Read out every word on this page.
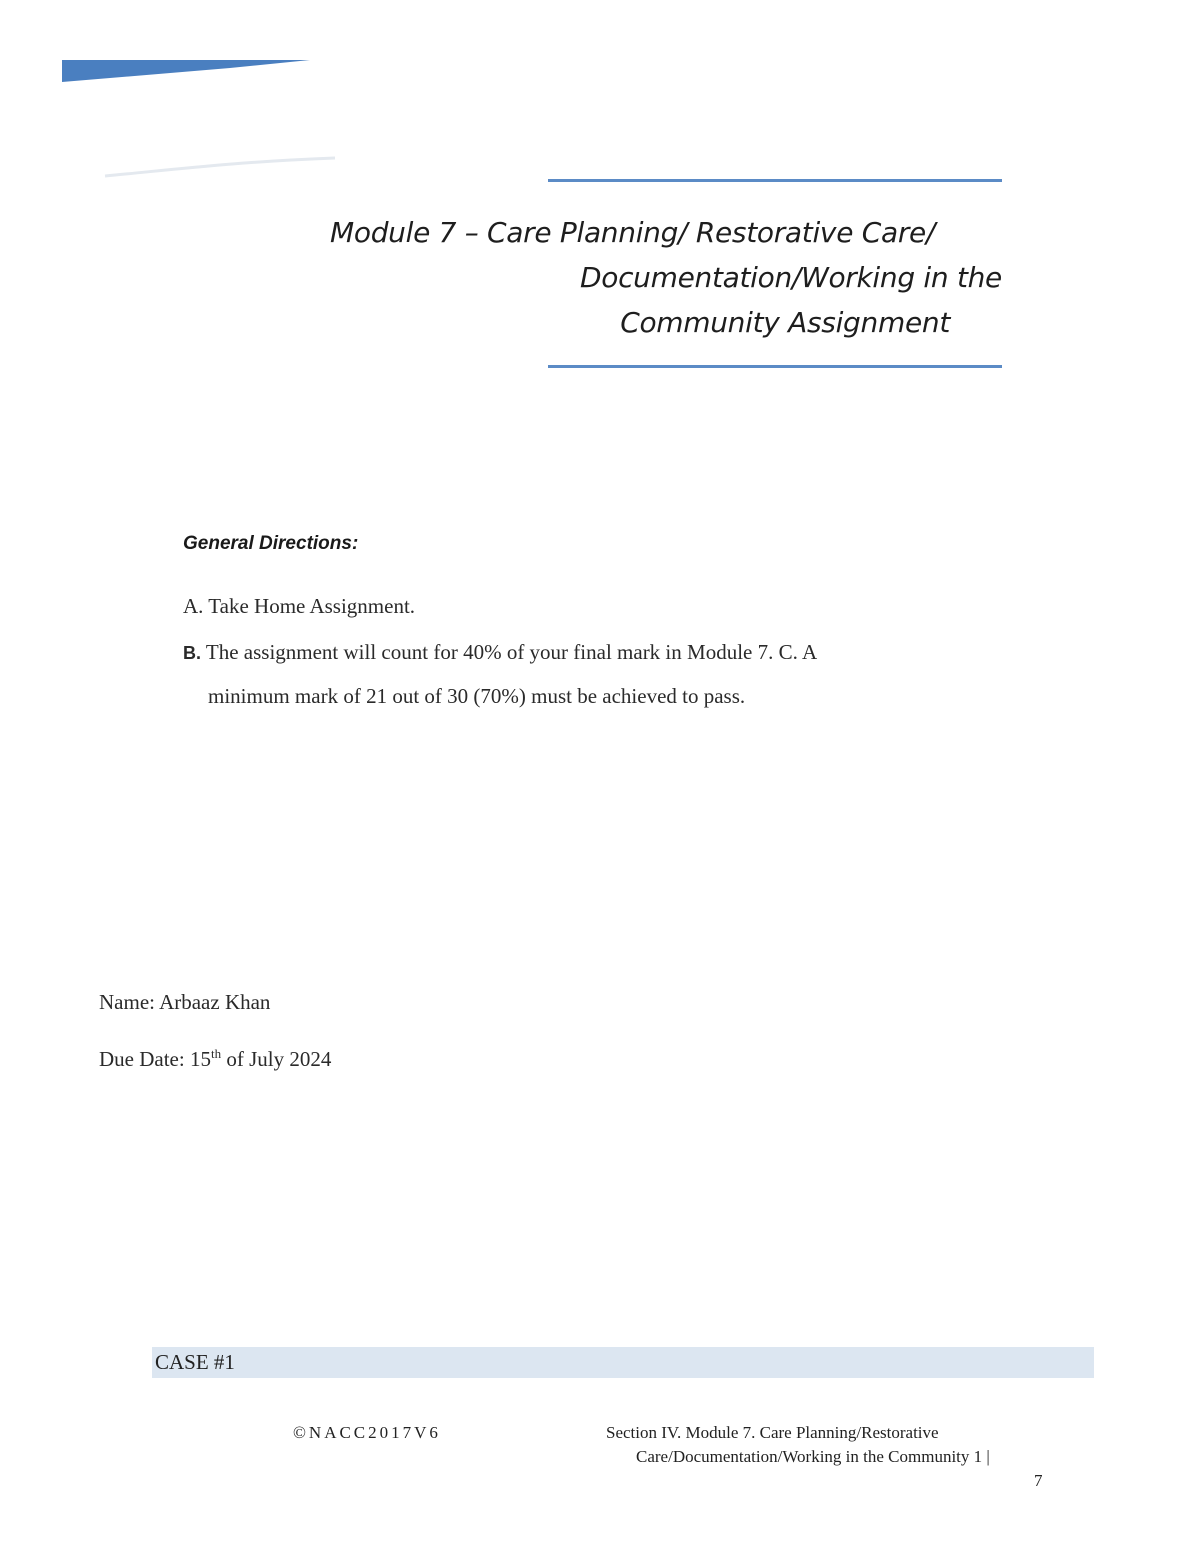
Module 7 – Care Planning/ Restorative Care/
Documentation/Working in the
Community Assignment
General Directions:
A. Take Home Assignment.
B. The assignment will count for 40% of your final mark in Module 7. C. A
minimum mark of 21 out of 30 (70%) must be achieved to pass.
Name: Arbaaz Khan
Due Date: 15th of July 2024
CASE #1
©NACC2017V6	Section IV. Module 7. Care Planning/Restorative
Care/Documentation/Working in the Community 1 |
7
